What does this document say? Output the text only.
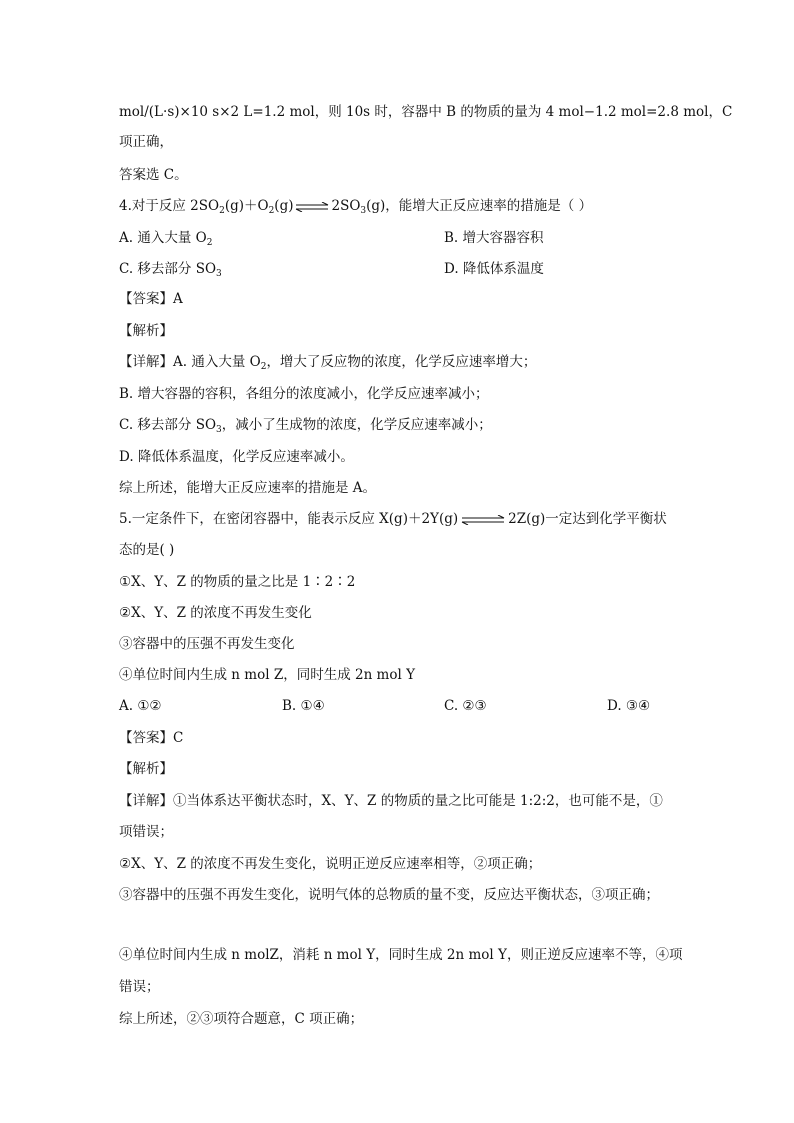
mol/(L·s)×10 s×2 L=1.2 mol，则 10s 时，容器中 B 的物质的量为 4 mol−1.2 mol=2.8 mol，C
项正确，
答案选 C。
4.对于反应 $2SO_2(g)+O_2(g)$ ⇌ $2SO_3(g)$，能增大正反应速率的措施是（ ）
A. 通入大量 $O_2$	B. 增大容器容积
C. 移去部分 $SO_3$	D. 降低体系温度
【答案】A
【解析】
【详解】A. 通入大量 $O_2$，增大了反应物的浓度，化学反应速率增大；
B. 增大容器的容积，各组分的浓度减小，化学反应速率减小；
C. 移去部分 $SO_3$，减小了生成物的浓度，化学反应速率减小；
D. 降低体系温度，化学反应速率减小。
综上所述，能增大正反应速率的措施是 A。
5.一定条件下，在密闭容器中，能表示反应 X(g)＋2Y(g) ⇌ 2Z(g)一定达到化学平衡状
态的是( )
①X、Y、Z 的物质的量之比是 1∶2∶2
②X、Y、Z 的浓度不再发生变化
③容器中的压强不再发生变化
④单位时间内生成 n mol Z，同时生成 2n mol Y
A. ①②	B. ①④	C. ②③	D. ③④
【答案】C
【解析】
【详解】①当体系达平衡状态时，X、Y、Z 的物质的量之比可能是 1:2:2，也可能不是，①
项错误；
②X、Y、Z 的浓度不再发生变化，说明正逆反应速率相等，②项正确；
③容器中的压强不再发生变化，说明气体的总物质的量不变，反应达平衡状态，③项正确；
④单位时间内生成 n molZ，消耗 n mol Y，同时生成 2n mol Y，则正逆反应速率不等，④项
错误；
综上所述，②③项符合题意，C 项正确；
